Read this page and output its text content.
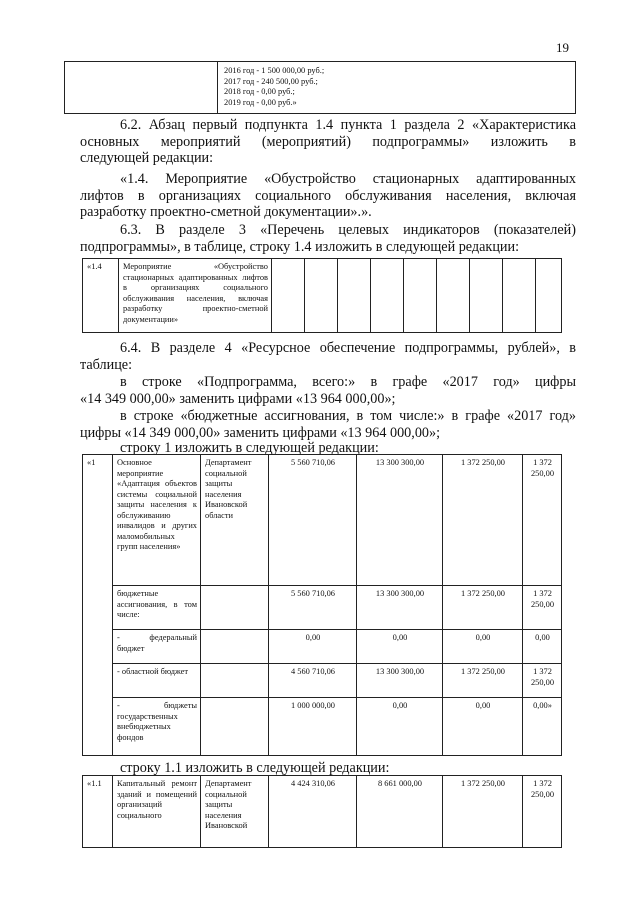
19

2016 год - 1 500 000,00 руб.;
2017 год - 240 500,00 руб.;
2018 год - 0,00 руб.;
2019 год - 0,00 руб.»
6.2. Абзац первый подпункта 1.4 пункта 1 раздела 2 «Характеристика
основных мероприятий (мероприятий) подпрограммы» изложить в
следующей редакции:
«1.4. Мероприятие «Обустройство стационарных адаптированных
лифтов в организациях социального обслуживания населения, включая
разработку проектно-сметной документации».».
6.3. В разделе 3 «Перечень целевых индикаторов (показателей)
подпрограммы», в таблице, строку 1.4 изложить в следующей редакции:
«1.4	Мероприятие «Обустройство стационарных адаптированных лифтов в организациях социального обслуживания населения, включая разработку проектно-сметной документации»									
6.4. В разделе 4 «Ресурсное обеспечение подпрограммы, рублей», в
таблице:
в строке «Подпрограмма, всего:» в графе «2017 год» цифры
«14 349 000,00» заменить цифрами «13 964 000,00»;
в строке «бюджетные ассигнования, в том числе:» в графе «2017 год»
цифры «14 349 000,00» заменить цифрами «13 964 000,00»;
строку 1 изложить в следующей редакции:
«1	Основное мероприятие «Адаптация объектов системы социальной защиты населения к обслуживанию инвалидов и других маломобильных групп населения»	Департамент социальной защиты населения Ивановской области	5 560 710,06	13 300 300,00	1 372 250,00	1 372 250,00
	бюджетные ассигнования, в том числе:		5 560 710,06	13 300 300,00	1 372 250,00	1 372 250,00
	- федеральный бюджет		0,00	0,00	0,00	0,00
	- областной бюджет		4 560 710,06	13 300 300,00	1 372 250,00	1 372 250,00
	- бюджеты государственных внебюджетных фондов		1 000 000,00	0,00	0,00	0,00»
строку 1.1 изложить в следующей редакции:
«1.1	Капитальный ремонт зданий и помещений организаций социального	Департамент социальной защиты населения Ивановской	4 424 310,06	8 661 000,00	1 372 250,00	1 372 250,00
